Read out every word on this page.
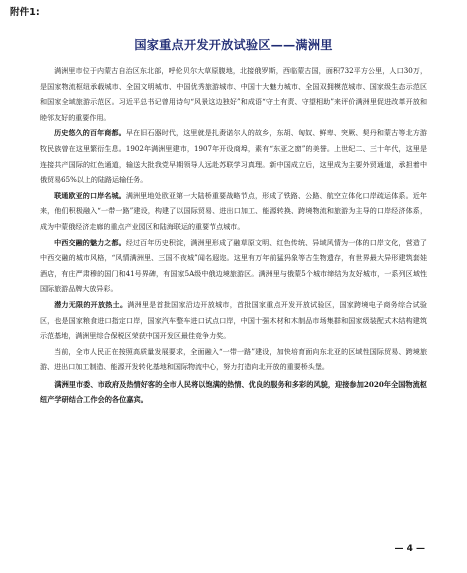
附件1:
国家重点开发开放试验区——满洲里

满洲里市位于内蒙古自治区东北部，呼伦贝尔大草原腹地，北接俄罗斯，西临蒙古国，面积732平方公里，人口30万，是国家物流枢纽承载城市、全国文明城市、中国优秀旅游城市、中国十大魅力城市、全国双拥模范城市、国家级生态示范区和国家全域旅游示范区。习近平总书记曾用诗句“风景这边独好”和成语“守土有责、守望相助”来评价满洲里促进改革开放和睦邻友好的重要作用。

历史悠久的百年商都。早在旧石器时代，这里就是扎赉诺尔人的故乡，东胡、匈奴、鲜卑、突厥、契丹和蒙古等北方游牧民族曾在这里繁衍生息。1902年满洲里建市，1907年开设商埠，素有“东亚之窗”的美誉。上世纪二、三十年代，这里是连接共产国际的红色通道，输送大批我党早期领导人远赴苏联学习真理。新中国成立后，这里成为主要外贸通道，承担着中俄贸易65%以上的陆路运输任务。

联通欧亚的口岸名城。满洲里地处欧亚第一大陆桥重要战略节点，形成了铁路、公路、航空立体化口岸疏运体系。近年来，他们积极融入“一带一路”建设，构建了以国际贸易、进出口加工、能源转换、跨境物流和旅游为主导的口岸经济体系，成为中蒙俄经济走廊的重点产业园区和陆海联运的重要节点城市。

中西交融的魅力之都。经过百年历史积淀，满洲里形成了融草原文明、红色传统、异域风情为一体的口岸文化，营造了中西交融的城市风格，“风情满洲里、三国不夜城”闻名遐迩。这里有万年前猛犸象等古生物遗存，有世界最大异形建筑套娃酒店，有庄严肃穆的国门和41号界碑，有国家5A级中俄边境旅游区。满洲里与俄蒙5个城市缔结为友好城市，一系列区域性国际旅游品牌大放异彩。

潜力无限的开放热土。满洲里是首批国家沿边开放城市，首批国家重点开发开放试验区，国家跨境电子商务综合试验区，也是国家粮食进口指定口岸，国家汽车整车进口试点口岸，中国十强木材和木制品市场集群和国家级装配式木结构建筑示范基地，满洲里综合保税区荣获中国开发区最佳竞争力奖。

当前，全市人民正在按照高质量发展要求，全面融入“一带一路”建设，加快培育面向东北亚的区域性国际贸易、跨境旅游、进出口加工制造、能源开发转化基地和国际物流中心，努力打造向北开放的重要桥头堡。

满洲里市委、市政府及热情好客的全市人民将以饱满的热情、优良的服务和多彩的风貌，迎接参加2020年全国物流枢纽产学研结合工作会的各位嘉宾。

— 4 —
